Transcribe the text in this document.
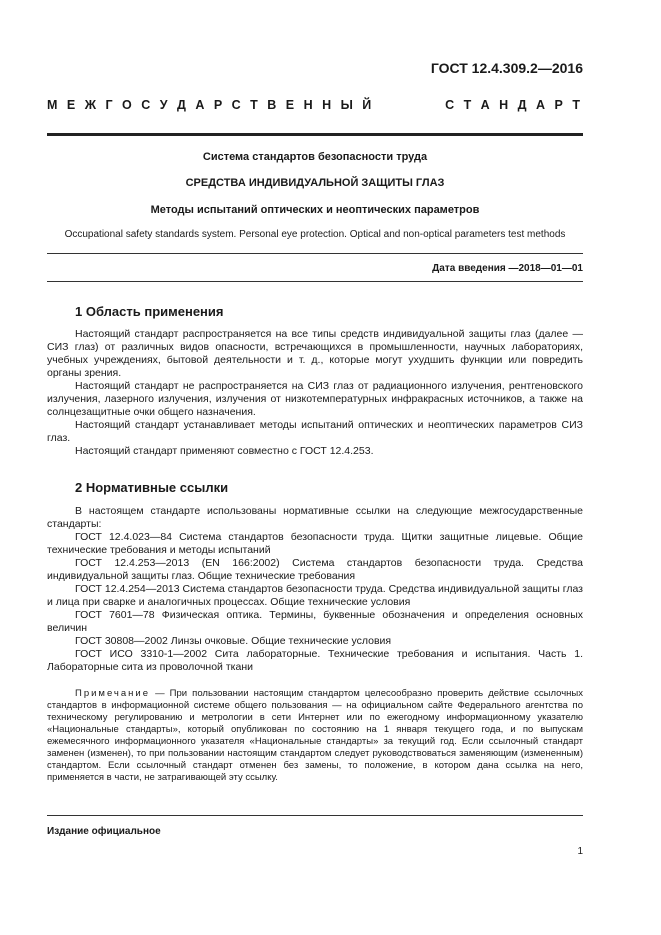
ГОСТ 12.4.309.2—2016
М Е Ж Г О С У Д А Р С Т В Е Н Н Ы Й	С Т А Н Д А Р Т
Система стандартов безопасности труда
СРЕДСТВА ИНДИВИДУАЛЬНОЙ ЗАЩИТЫ ГЛАЗ
Методы испытаний оптических и неоптических параметров
Occupational safety standards system. Personal eye protection. Optical and non-optical parameters test methods
Дата введения —2018—01—01
1 Область применения

Настоящий стандарт распространяется на все типы средств индивидуальной защиты глаз (далее — СИЗ глаз) от различных видов опасности, встречающихся в промышленности, научных лабораториях, учебных учреждениях, бытовой деятельности и т. д., которые могут ухудшить функции или повредить органы зрения.

Настоящий стандарт не распространяется на СИЗ глаз от радиационного излучения, рентгеновского излучения, лазерного излучения, излучения от низкотемпературных инфракрасных источников, а также на солнцезащитные очки общего назначения.

Настоящий стандарт устанавливает методы испытаний оптических и неоптических параметров СИЗ глаз.

Настоящий стандарт применяют совместно с ГОСТ 12.4.253.

2 Нормативные ссылки

В настоящем стандарте использованы нормативные ссылки на следующие межгосударственные стандарты:

ГОСТ 12.4.023—84 Система стандартов безопасности труда. Щитки защитные лицевые. Общие технические требования и методы испытаний

ГОСТ 12.4.253—2013 (EN 166:2002) Система стандартов безопасности труда. Средства индивидуальной защиты глаз. Общие технические требования

ГОСТ 12.4.254—2013 Система стандартов безопасности труда. Средства индивидуальной защиты глаз и лица при сварке и аналогичных процессах. Общие технические условия

ГОСТ 7601—78 Физическая оптика. Термины, буквенные обозначения и определения основных величин

ГОСТ 30808—2002 Линзы очковые. Общие технические условия

ГОСТ ИСО 3310-1—2002 Сита лабораторные. Технические требования и испытания. Часть 1. Лабораторные сита из проволочной ткани

Примечание — При пользовании настоящим стандартом целесообразно проверить действие ссылочных стандартов в информационной системе общего пользования — на официальном сайте Федерального агентства по техническому регулированию и метрологии в сети Интернет или по ежегодному информационному указателю «Национальные стандарты», который опубликован по состоянию на 1 января текущего года, и по выпускам ежемесячного информационного указателя «Национальные стандарты» за текущий год. Если ссылочный стандарт заменен (изменен), то при пользовании настоящим стандартом следует руководствоваться заменяющим (измененным) стандартом. Если ссылочный стандарт отменен без замены, то положение, в котором дана ссылка на него, применяется в части, не затрагивающей эту ссылку.
Издание официальное
1
